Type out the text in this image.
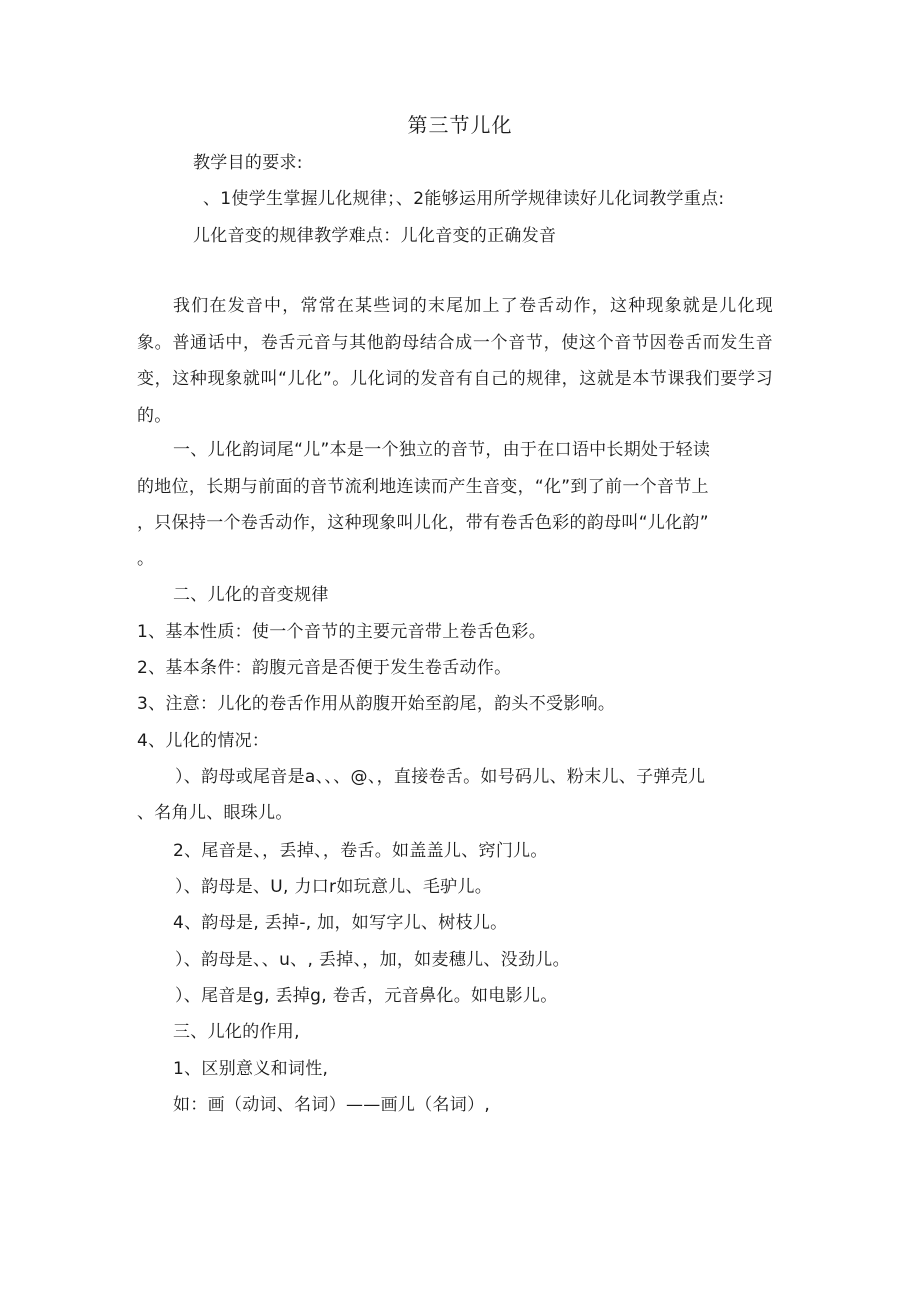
第三节儿化
教学目的要求:
、1使学生掌握儿化规律；、2能够运用所学规律读好儿化词教学重点:
儿化音变的规律教学难点：儿化音变的正确发音
我们在发音中，常常在某些词的末尾加上了卷舌动作，这种现象就是儿化现象。普通话中，卷舌元音与其他韵母结合成一个音节，使这个音节因卷舌而发生音变，这种现象就叫“儿化”。儿化词的发音有自己的规律，这就是本节课我们要学习的。
一、儿化韵词尾“儿”本是一个独立的音节，由于在口语中长期处于轻读
的地位，长期与前面的音节流利地连读而产生音变，“化”到了前一个音节上
，只保持一个卷舌动作，这种现象叫儿化，带有卷舌色彩的韵母叫“儿化韵”
。
二、儿化的音变规律
1、基本性质：使一个音节的主要元音带上卷舌色彩。
2、基本条件：韵腹元音是否便于发生卷舌动作。
3、注意：儿化的卷舌作用从韵腹开始至韵尾，韵头不受影响。
4、儿化的情况：
）、韵母或尾音是a、、、@、，直接卷舌。如号码儿、粉末儿、子弹壳儿
、名角儿、眼珠儿。
2、尾音是、，丢掉、，卷舌。如盖盖儿、窍门儿。
）、韵母是、U, 力口r如玩意儿、毛驴儿。
4、韵母是, 丢掉-, 加，如写字儿、树枝儿。
）、韵母是、、u、, 丢掉、，加，如麦穗儿、没劲儿。
）、尾音是g, 丢掉g, 卷舌，元音鼻化。如电影儿。
三、儿化的作用,
1、区别意义和词性,
如：画（动词、名词）——画儿（名词）,
